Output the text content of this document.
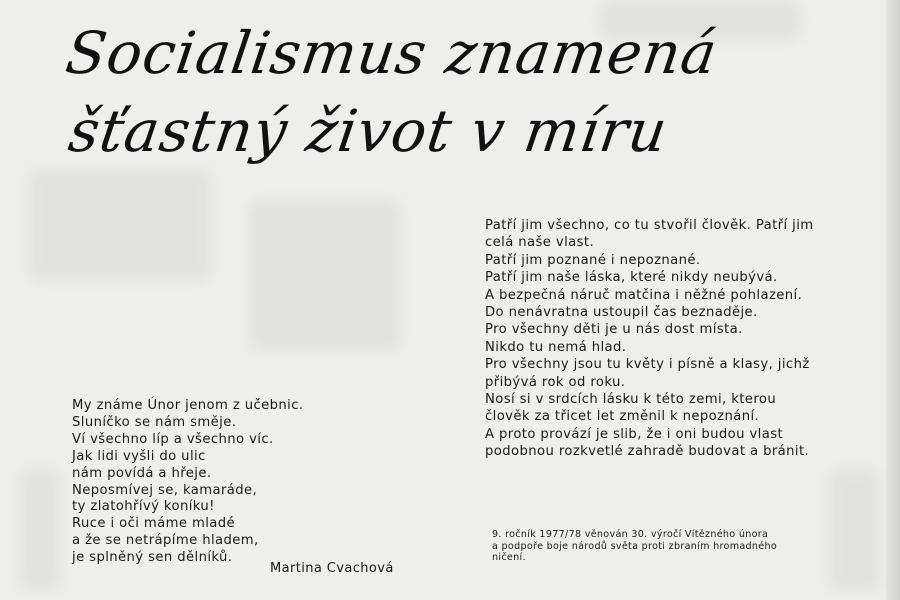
Socialismus znamená
šťastný život v míru
Patří jim všechno, co tu stvořil člověk. Patří jim
celá naše vlast.
Patří jim poznané i nepoznané.
Patří jim naše láska, které nikdy neubývá.
A bezpečná náruč matčina i něžné pohlazení.
Do nenávratna ustoupil čas beznaděje.
Pro všechny děti je u nás dost místa.
Nikdo tu nemá hlad.
Pro všechny jsou tu květy i písně a klasy, jichž
přibývá rok od roku.
Nosí si v srdcích lásku k této zemi, kterou
člověk za třicet let změnil k nepoznání.
A proto provází je slib, že i oni budou vlast
podobnou rozkvetlé zahradě budovat a bránit.
My známe Únor jenom z učebnic.
Sluníčko se nám směje.
Ví všechno líp a všechno víc.
Jak lidi vyšli do ulic
nám povídá a hřeje.
Neposmívej se, kamaráde,
ty zlatohřívý koníku!
Ruce i oči máme mladé
a že se netrápíme hladem,
je splněný sen dělníků.
Martina Cvachová
9. ročník 1977/78 věnován 30. výročí Vítězného února
a podpoře boje národů světa proti zbraním hromadného
ničení.
